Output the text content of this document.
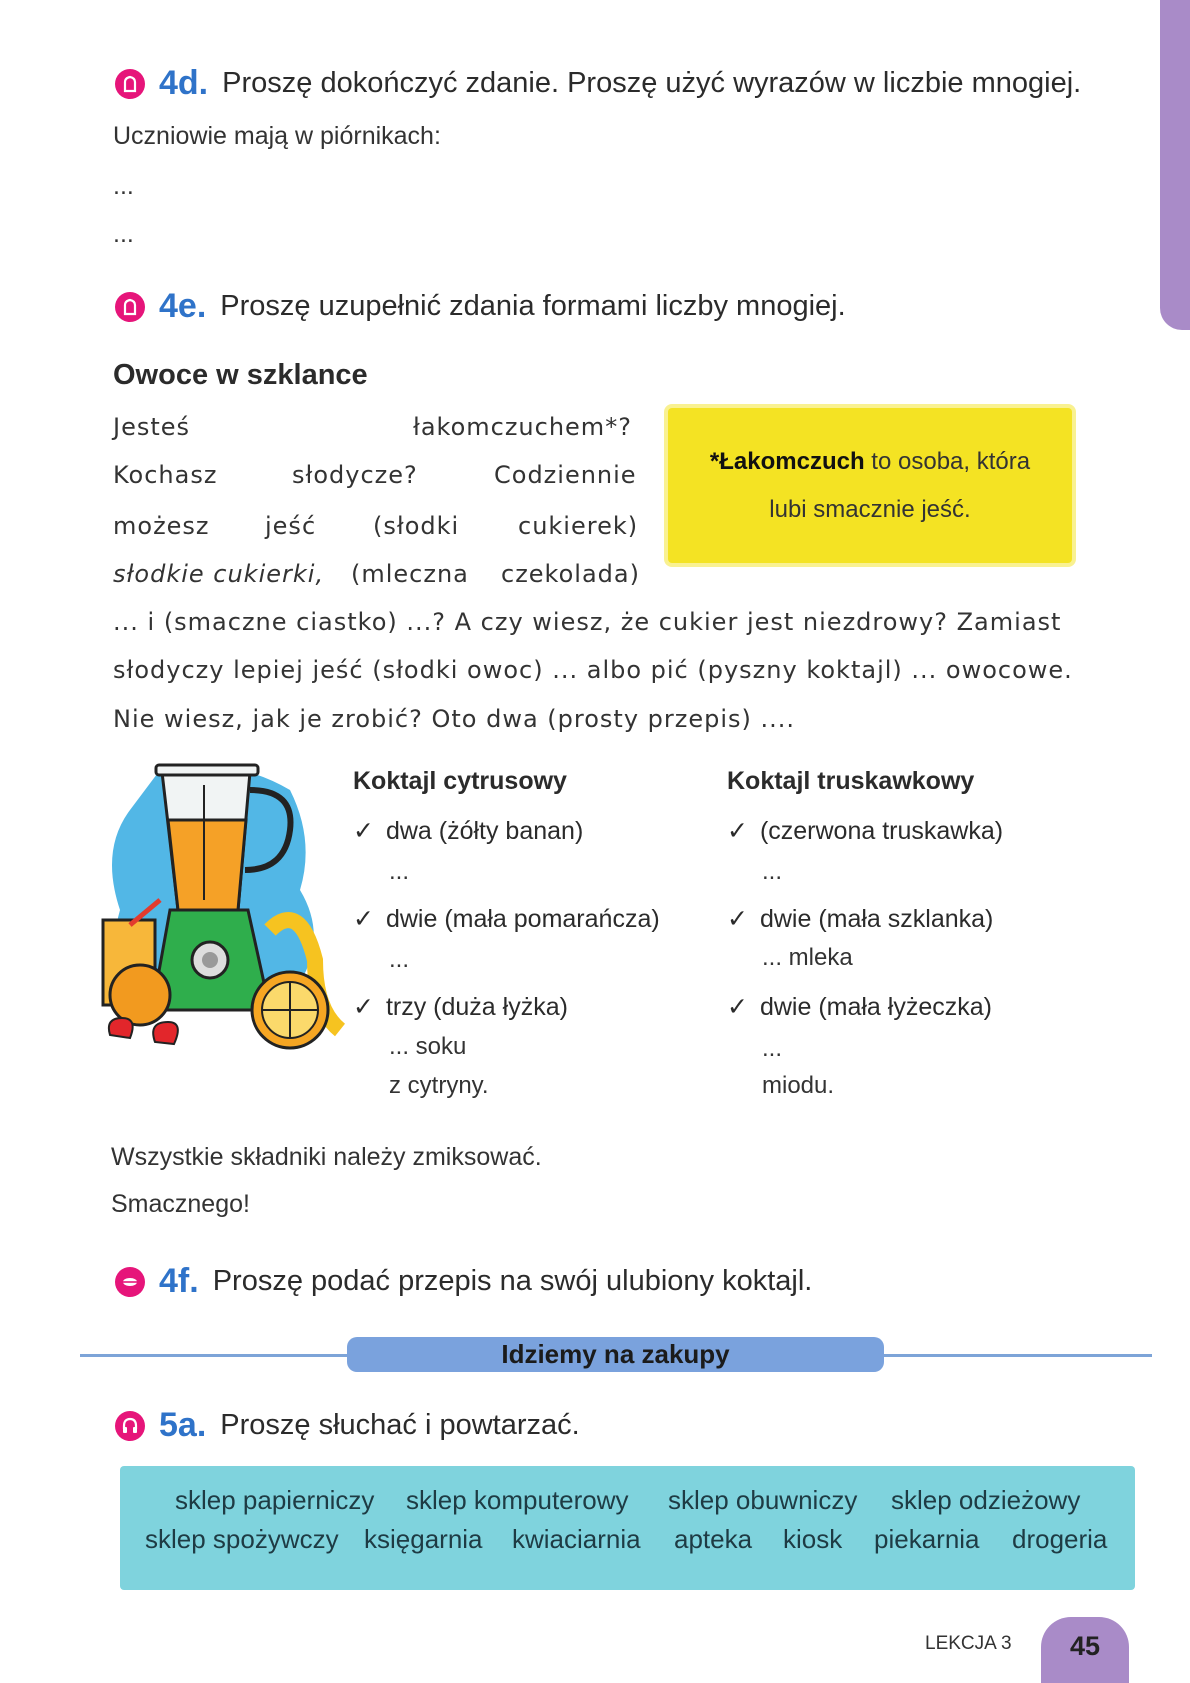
4d. Proszę dokończyć zdanie. Proszę użyć wyrazów w liczbie mnogiej.
Uczniowie mają w piórnikach:
...
...
4e. Proszę uzupełnić zdania formami liczby mnogiej.
Owoce w szklance
Jesteś	łakomczuchem*?
Kochasz	słodycze?	Codziennie
możesz jeść (słodki cukierek)
słodkie cukierki, (mleczna czekolada)
... i (smaczne ciastko) ...? A czy wiesz, że cukier jest niezdrowy? Zamiast
słodyczy lepiej jeść (słodki owoc) ... albo pić (pyszny koktajl) ... owocowe.
Nie wiesz, jak je zrobić? Oto dwa (prosty przepis) ....
*Łakomczuch to osoba, która
lubi smacznie jeść.
Koktajl cytrusowy
✓ dwa (żółty banan)
...
✓ dwie (mała pomarańcza)
...
✓ trzy (duża łyżka)
... soku
z cytryny.
Koktajl truskawkowy
✓ (czerwona truskawka)
...
✓ dwie (mała szklanka)
... mleka
✓ dwie (mała łyżeczka)
...
miodu.
Wszystkie składniki należy zmiksować.
Smacznego!
4f. Proszę podać przepis na swój ulubiony koktajl.
Idziemy na zakupy
5a. Proszę słuchać i powtarzać.
sklep papierniczy sklep komputerowy sklep obuwniczy sklep odzieżowy
sklep spożywczy księgarnia kwiaciarnia apteka kiosk piekarnia drogeria
LEKCJA 3 45
